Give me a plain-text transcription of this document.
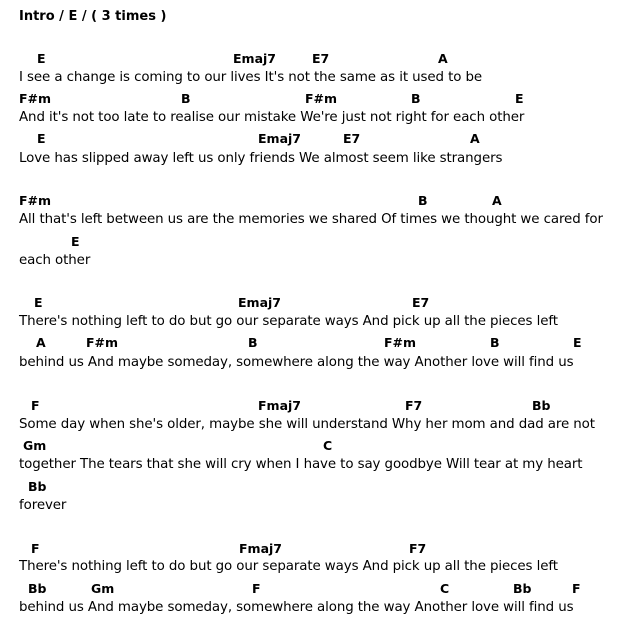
Intro / E / ( 3 times )
E	Emaj7	E7	A
I see a change is coming to our lives It's not the same as it used to be
F#m	B	F#m	B	E
And it's not too late to realise our mistake We're just not right for each other
E	Emaj7	E7	A
Love has slipped away left us only friends We almost seem like strangers
F#m	B	A
All that's left between us are the memories we shared Of times we thought we cared for
E
each other
E	Emaj7	E7
There's nothing left to do but go our separate ways And pick up all the pieces left
A	F#m	B	F#m	B	E
behind us And maybe someday, somewhere along the way Another love will find us
F	Fmaj7	F7	Bb
Some day when she's older, maybe she will understand Why her mom and dad are not
Gm	C
together The tears that she will cry when I have to say goodbye Will tear at my heart
Bb
forever
F	Fmaj7	F7
There's nothing left to do but go our separate ways And pick up all the pieces left
Bb	Gm	F	C	Bb	F
behind us And maybe someday, somewhere along the way Another love will find us
